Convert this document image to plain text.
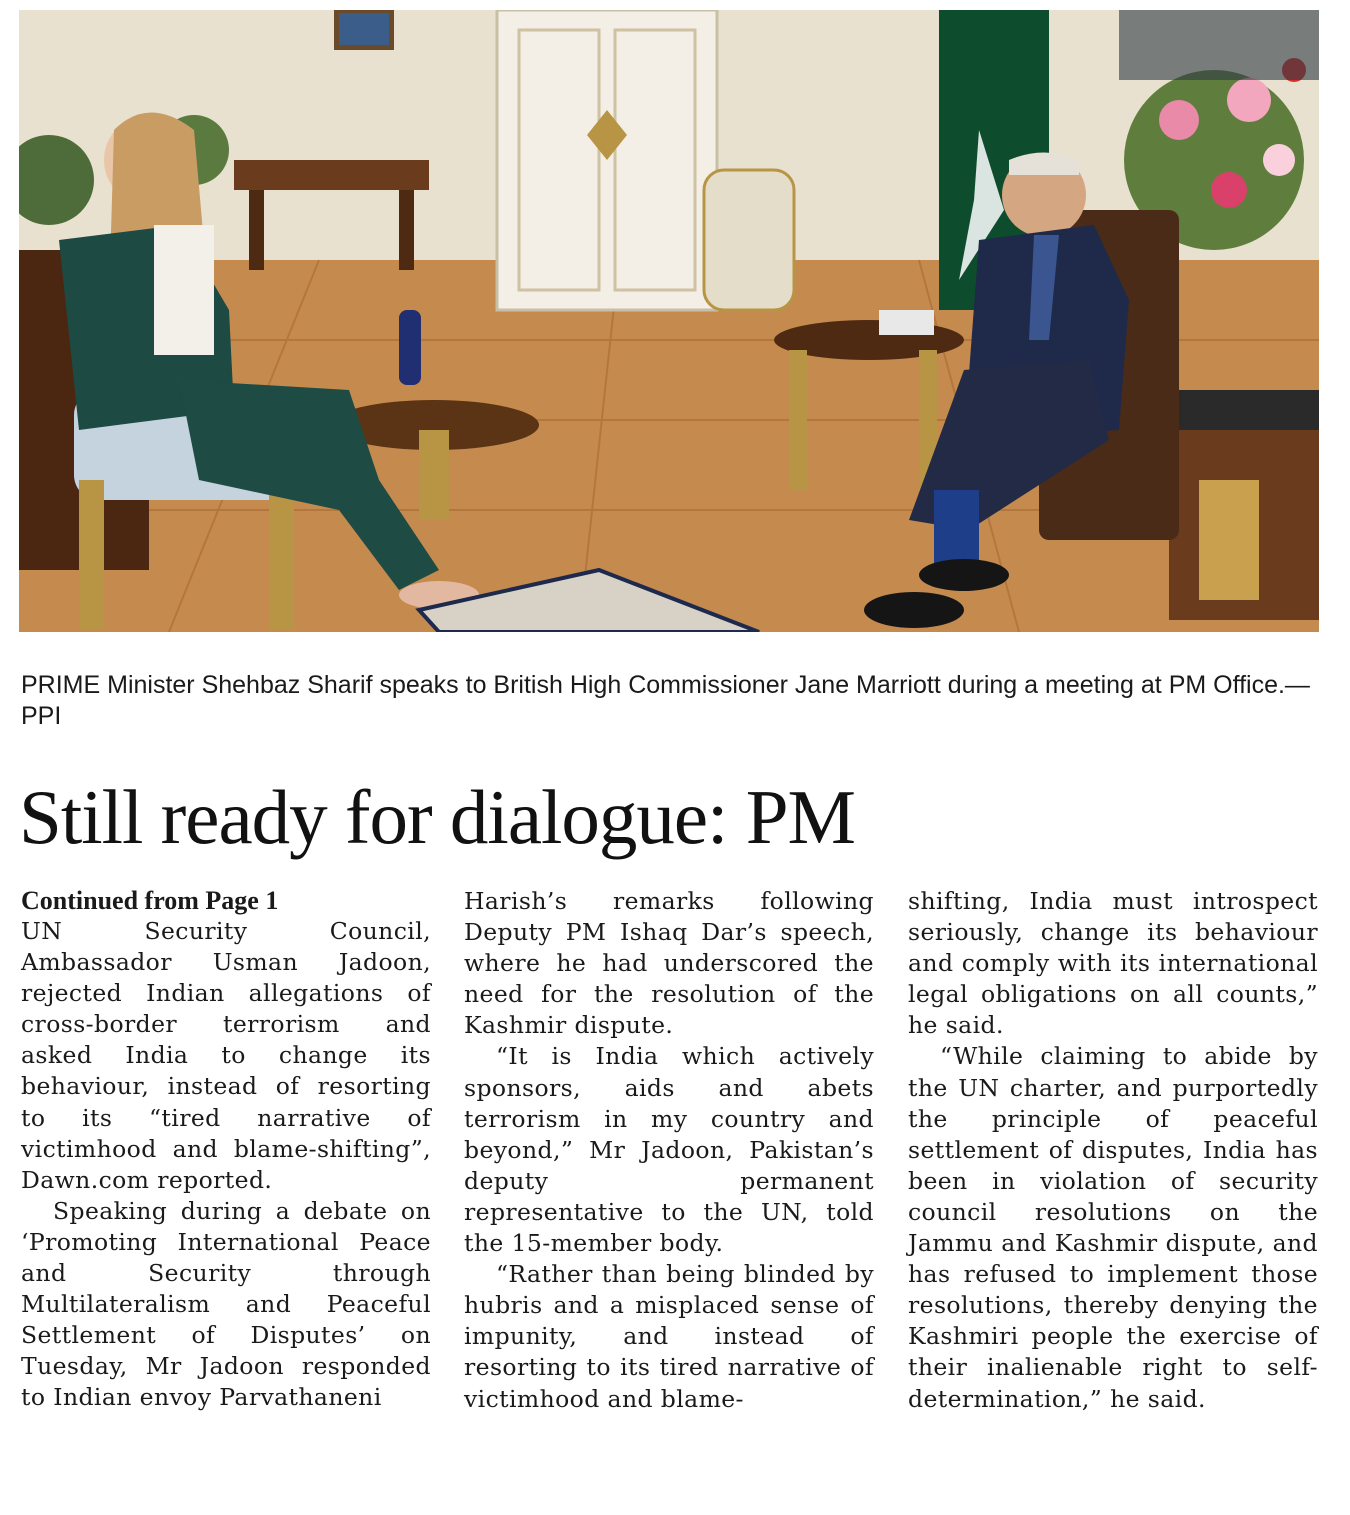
PRIME Minister Shehbaz Sharif speaks to British High Commissioner Jane Marriott during a meeting at PM Office.—PPI
Still ready for dialogue: PM

Continued from Page 1

UN Security Council, Ambassador Usman Jadoon, rejected Indian allegations of cross-border terrorism and asked India to change its behaviour, instead of resorting to its “tired narrative of victimhood and blame-shifting”, Dawn.com reported.

Speaking during a debate on ‘Promoting International Peace and Security through Multilateralism and Peaceful Settlement of Disputes’ on Tuesday, Mr Jadoon responded to Indian envoy Parvathaneni

Harish’s remarks following Deputy PM Ishaq Dar’s speech, where he had underscored the need for the resolution of the Kashmir dispute.

“It is India which actively sponsors, aids and abets terrorism in my country and beyond,” Mr Jadoon, Pakistan’s deputy permanent representative to the UN, told the 15-member body.

“Rather than being blinded by hubris and a misplaced sense of impunity, and instead of resorting to its tired narrative of victimhood and blame-

shifting, India must introspect seriously, change its behaviour and comply with its international legal obligations on all counts,” he said.

“While claiming to abide by the UN charter, and purportedly the principle of peaceful settlement of disputes, India has been in violation of security council resolutions on the Jammu and Kashmir dispute, and has refused to implement those resolutions, thereby denying the Kashmiri people the exercise of their inalienable right to self-determination,” he said.
